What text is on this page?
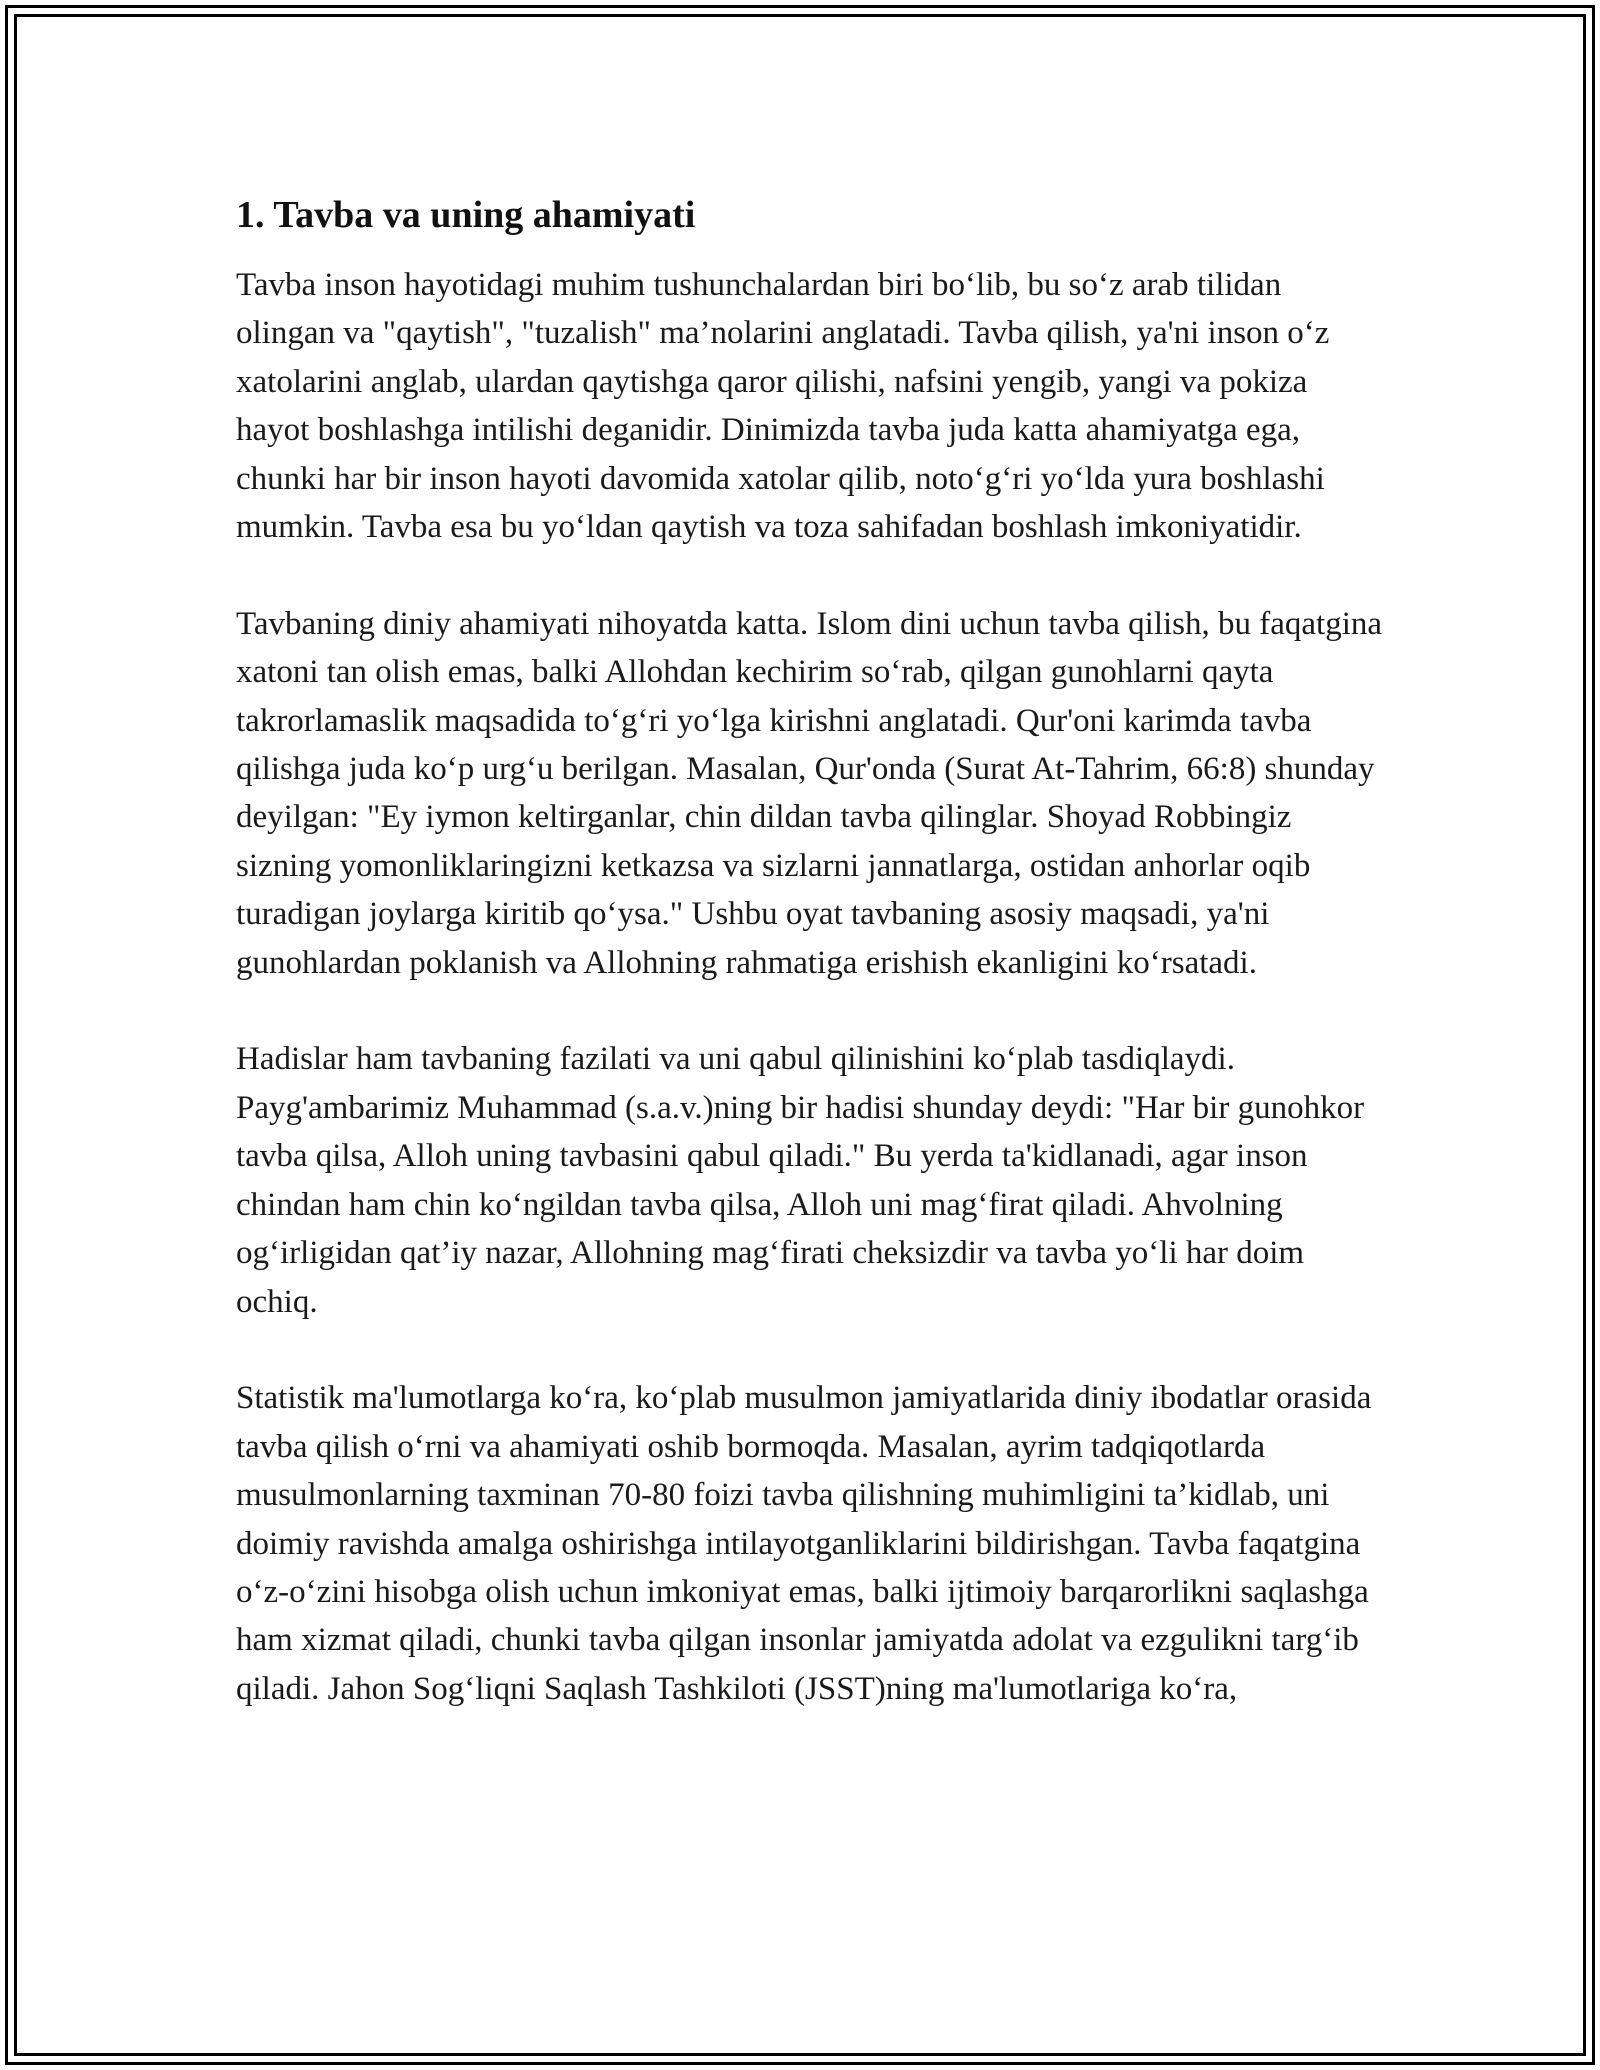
1. Tavba va uning ahamiyati

Tavba inson hayotidagi muhim tushunchalardan biri bo‘lib, bu so‘z arab tilidan olingan va "qaytish", "tuzalish" ma’nolarini anglatadi. Tavba qilish, ya'ni inson o‘z xatolarini anglab, ulardan qaytishga qaror qilishi, nafsini yengib, yangi va pokiza hayot boshlashga intilishi deganidir. Dinimizda tavba juda katta ahamiyatga ega, chunki har bir inson hayoti davomida xatolar qilib, noto‘g‘ri yo‘lda yura boshlashi mumkin. Tavba esa bu yo‘ldan qaytish va toza sahifadan boshlash imkoniyatidir.

Tavbaning diniy ahamiyati nihoyatda katta. Islom dini uchun tavba qilish, bu faqatgina xatoni tan olish emas, balki Allohdan kechirim so‘rab, qilgan gunohlarni qayta takrorlamaslik maqsadida to‘g‘ri yo‘lga kirishni anglatadi. Qur'oni karimda tavba qilishga juda ko‘p urg‘u berilgan. Masalan, Qur'onda (Surat At-Tahrim, 66:8) shunday deyilgan: "Ey iymon keltirganlar, chin dildan tavba qilinglar. Shoyad Robbingiz sizning yomonliklaringizni ketkazsa va sizlarni jannatlarga, ostidan anhorlar oqib turadigan joylarga kiritib qo‘ysa." Ushbu oyat tavbaning asosiy maqsadi, ya'ni gunohlardan poklanish va Allohning rahmatiga erishish ekanligini ko‘rsatadi.

Hadislar ham tavbaning fazilati va uni qabul qilinishini ko‘plab tasdiqlaydi. Payg'ambarimiz Muhammad (s.a.v.)ning bir hadisi shunday deydi: "Har bir gunohkor tavba qilsa, Alloh uning tavbasini qabul qiladi." Bu yerda ta'kidlanadi, agar inson chindan ham chin ko‘ngildan tavba qilsa, Alloh uni mag‘firat qiladi. Ahvolning og‘irligidan qat’iy nazar, Allohning mag‘firati cheksizdir va tavba yo‘li har doim ochiq.

Statistik ma'lumotlarga ko‘ra, ko‘plab musulmon jamiyatlarida diniy ibodatlar orasida tavba qilish o‘rni va ahamiyati oshib bormoqda. Masalan, ayrim tadqiqotlarda musulmonlarning taxminan 70-80 foizi tavba qilishning muhimligini ta’kidlab, uni doimiy ravishda amalga oshirishga intilayotganliklarini bildirishgan. Tavba faqatgina o‘z-o‘zini hisobga olish uchun imkoniyat emas, balki ijtimoiy barqarorlikni saqlashga ham xizmat qiladi, chunki tavba qilgan insonlar jamiyatda adolat va ezgulikni targ‘ib qiladi. Jahon Sog‘liqni Saqlash Tashkiloti (JSST)ning ma'lumotlariga ko‘ra,
